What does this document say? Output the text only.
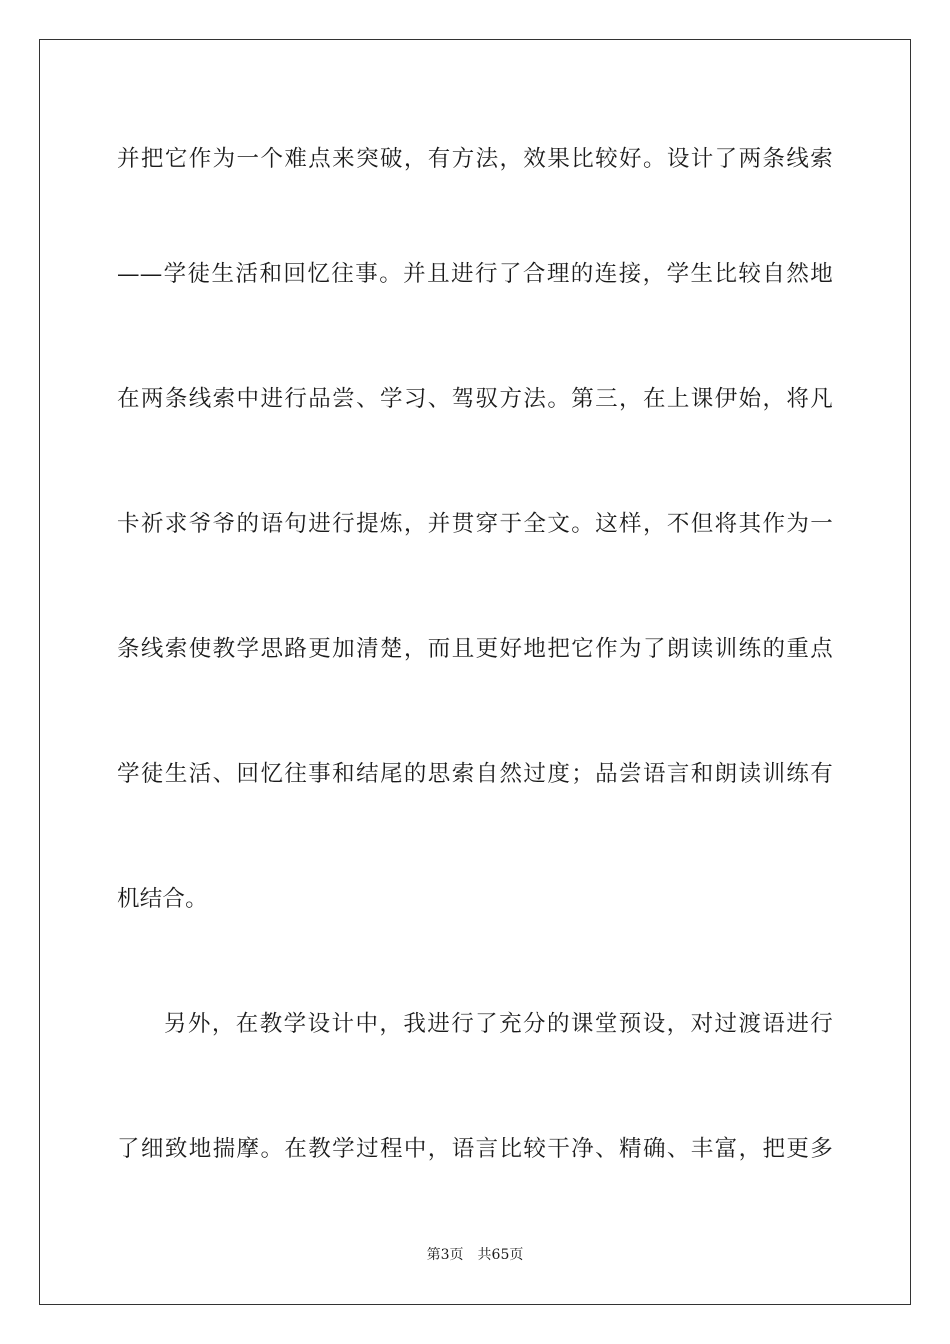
并把它作为一个难点来突破，有方法，效果比较好。设计了两条线索
——学徒生活和回忆往事。并且进行了合理的连接，学生比较自然地
在两条线索中进行品尝、学习、驾驭方法。第三，在上课伊始，将凡
卡祈求爷爷的语句进行提炼，并贯穿于全文。这样，不但将其作为一
条线索使教学思路更加清楚，而且更好地把它作为了朗读训练的重点
学徒生活、回忆往事和结尾的思索自然过度；品尝语言和朗读训练有
机结合。
另外，在教学设计中，我进行了充分的课堂预设，对过渡语进行
了细致地揣摩。在教学过程中，语言比较干净、精确、丰富，把更多
第3页 共65页
